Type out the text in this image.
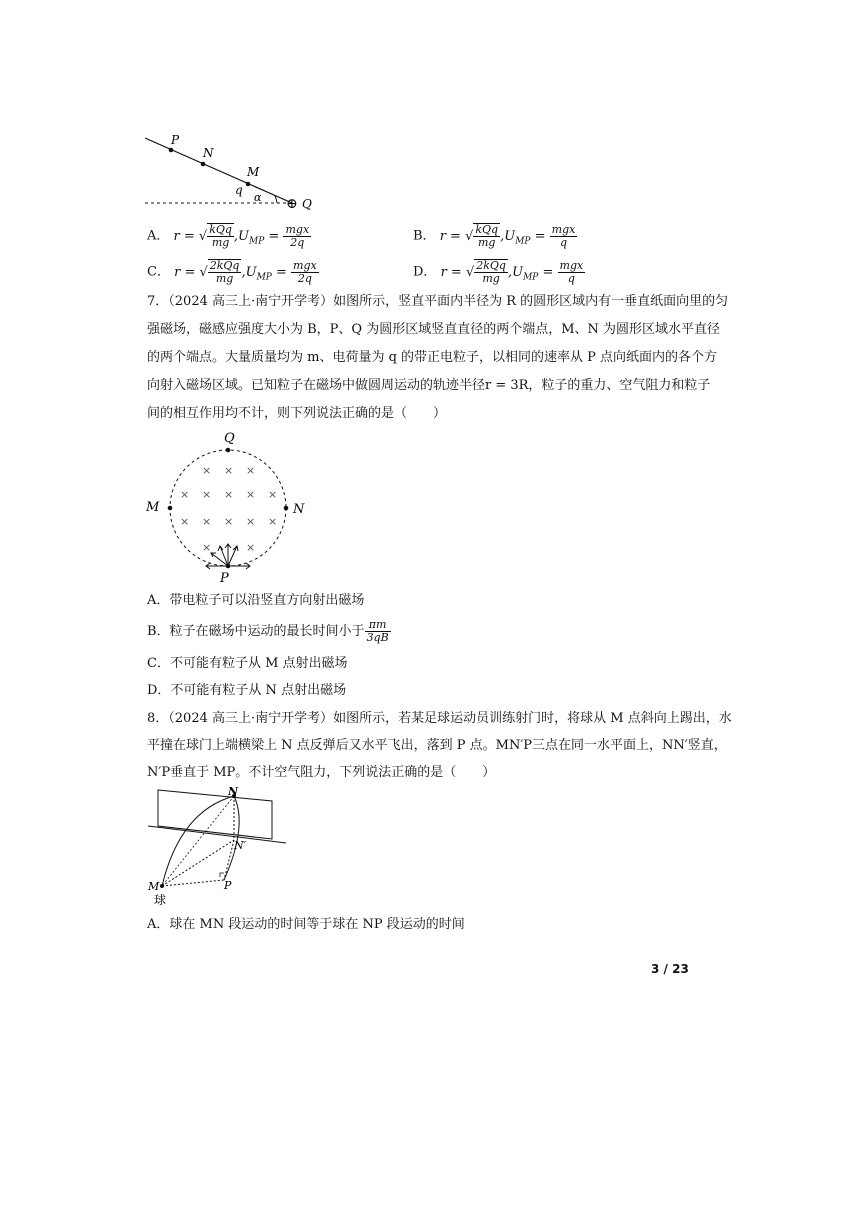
P
N
M
q
α ⊕ Q
A． r = √ $\frac{\text{kQq}}{mg} ,U_{MP} = \frac{\text{mgx}}{2q}$	B． r = √ $\frac{\text{kQq}}{mg} ,U_{MP} = \frac{\text{mgx}}{q}$
C． r = √ $\frac{\text{2kQq}}{mg} ,U_{MP} = \frac{\text{mgx}}{2q}$	D． r = √ $\frac{\text{2kQq}}{mg} ,U_{MP} = \frac{\text{mgx}}{q}$
7．（2024 高三上·南宁开学考）如图所示，竖直平面内半径为 R 的圆形区域内有一垂直纸面向里的匀
强磁场，磁感应强度大小为 B，P、Q 为圆形区域竖直直径的两个端点，M、N 为圆形区域水平直径
的两个端点。大量质量均为 m、电荷量为 q 的带正电粒子，以相同的速率从 P 点向纸面内的各个方
向射入磁场区域。已知粒子在磁场中做圆周运动的轨迹半径r = 3R，粒子的重力、空气阻力和粒子
间的相互作用均不计，则下列说法正确的是（　　）
× × ×
× × × × ×
× × × × ×
×	×
Q
M	N
P
A．带电粒子可以沿竖直方向射出磁场
B．粒子在磁场中运动的最长时间小于 $\frac{\pi m}{3qB}$
C．不可能有粒子从 M 点射出磁场
D．不可能有粒子从 N 点射出磁场
8．（2024 高三上·南宁开学考）如图所示，若某足球运动员训练射门时，将球从 M 点斜向上踢出，水
平撞在球门上端横梁上 N 点反弹后又水平飞出，落到 P 点。MN′P三点在同一水平面上，NN′竖直，
N′P垂直于 MP。不计空气阻力，下列说法正确的是（　　）
N
N′
M	P
球
A．球在 MN 段运动的时间等于球在 NP 段运动的时间
3 / 23
